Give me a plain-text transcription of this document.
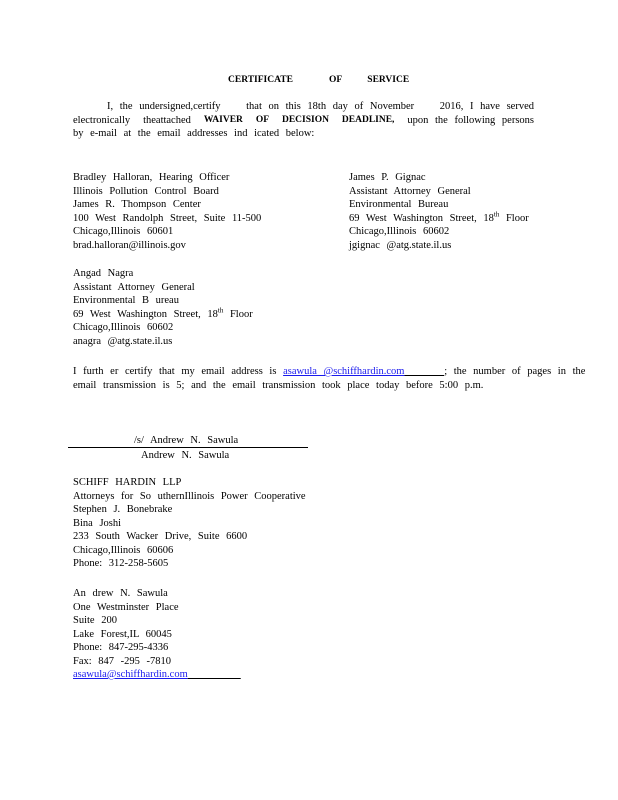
CERTIFICATE	OF	SERVICE
I, the undersigned,certify that on this 18th day of November 2016, I have served
electronically theattached WAIVER OF DECISION DEADLINE, upon the following persons
by e-mail at the email addresses ind icated below:
Bradley Halloran, Hearing Officer
Illinois Pollution Control Board
James R. Thompson Center
100 West Randolph Street, Suite 11-500
Chicago,Illinois 60601
brad.halloran@illinois.gov
James P. Gignac
Assistant Attorney General
Environmental Bureau
69 West Washington Street, 18th Floor
Chicago,Illinois 60602
jgignac @atg.state.il.us
Angad Nagra
Assistant Attorney General
Environmental B ureau
69 West Washington Street, 18th Floor
Chicago,Illinois 60602
anagra @atg.state.il.us
I furth er certify that my email address is asawula @schiffhardin.com	; the number of pages in the
email transmission is 5; and the email transmission took place today before 5:00 p.m.
/s/ Andrew N. Sawula
Andrew N. Sawula
SCHIFF HARDIN LLP
Attorneys for So uthernIllinois Power Cooperative
Stephen J. Bonebrake
Bina Joshi
233 South Wacker Drive, Suite 6600
Chicago,Illinois 60606
Phone: 312-258-5605
An drew N. Sawula
One Westminster Place
Suite 200
Lake Forest,IL 60045
Phone: 847-295-4336
Fax: 847 -295 -7810
asawula@schiffhardin.com
